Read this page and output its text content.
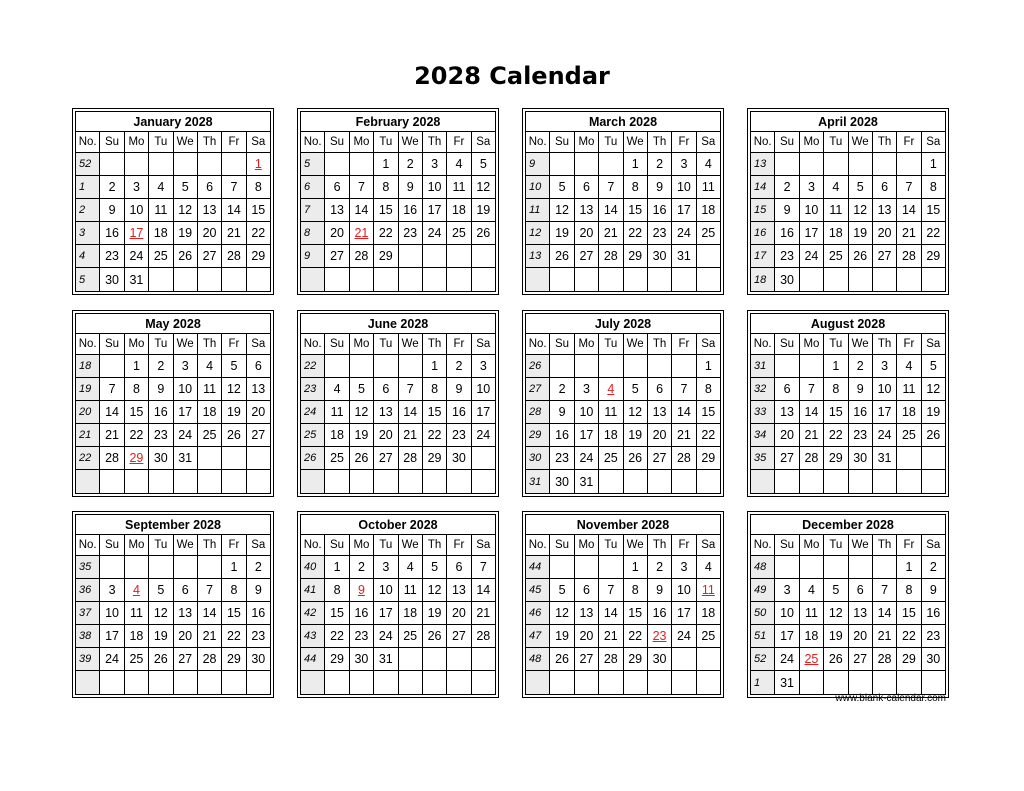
2028 Calendar
January 2028							
No.	Su	Mo	Tu	We	Th	Fr	Sa
52							1
1	2	3	4	5	6	7	8
2	9	10	11	12	13	14	15
3	16	17	18	19	20	21	22
4	23	24	25	26	27	28	29
5	30	31					
February 2028							
No.	Su	Mo	Tu	We	Th	Fr	Sa
5			1	2	3	4	5
6	6	7	8	9	10	11	12
7	13	14	15	16	17	18	19
8	20	21	22	23	24	25	26
9	27	28	29				

March 2028							
No.	Su	Mo	Tu	We	Th	Fr	Sa
9				1	2	3	4
10	5	6	7	8	9	10	11
11	12	13	14	15	16	17	18
12	19	20	21	22	23	24	25
13	26	27	28	29	30	31	

April 2028							
No.	Su	Mo	Tu	We	Th	Fr	Sa
13							1
14	2	3	4	5	6	7	8
15	9	10	11	12	13	14	15
16	16	17	18	19	20	21	22
17	23	24	25	26	27	28	29
18	30						
May 2028							
No.	Su	Mo	Tu	We	Th	Fr	Sa
18		1	2	3	4	5	6
19	7	8	9	10	11	12	13
20	14	15	16	17	18	19	20
21	21	22	23	24	25	26	27
22	28	29	30	31			

June 2028							
No.	Su	Mo	Tu	We	Th	Fr	Sa
22					1	2	3
23	4	5	6	7	8	9	10
24	11	12	13	14	15	16	17
25	18	19	20	21	22	23	24
26	25	26	27	28	29	30	

July 2028							
No.	Su	Mo	Tu	We	Th	Fr	Sa
26							1
27	2	3	4	5	6	7	8
28	9	10	11	12	13	14	15
29	16	17	18	19	20	21	22
30	23	24	25	26	27	28	29
31	30	31					
August 2028							
No.	Su	Mo	Tu	We	Th	Fr	Sa
31			1	2	3	4	5
32	6	7	8	9	10	11	12
33	13	14	15	16	17	18	19
34	20	21	22	23	24	25	26
35	27	28	29	30	31		

September 2028							
No.	Su	Mo	Tu	We	Th	Fr	Sa
35						1	2
36	3	4	5	6	7	8	9
37	10	11	12	13	14	15	16
38	17	18	19	20	21	22	23
39	24	25	26	27	28	29	30

October 2028							
No.	Su	Mo	Tu	We	Th	Fr	Sa
40	1	2	3	4	5	6	7
41	8	9	10	11	12	13	14
42	15	16	17	18	19	20	21
43	22	23	24	25	26	27	28
44	29	30	31				

November 2028							
No.	Su	Mo	Tu	We	Th	Fr	Sa
44				1	2	3	4
45	5	6	7	8	9	10	11
46	12	13	14	15	16	17	18
47	19	20	21	22	23	24	25
48	26	27	28	29	30		

December 2028							
No.	Su	Mo	Tu	We	Th	Fr	Sa
48						1	2
49	3	4	5	6	7	8	9
50	10	11	12	13	14	15	16
51	17	18	19	20	21	22	23
52	24	25	26	27	28	29	30
1	31						
www.blank-calendar.com
